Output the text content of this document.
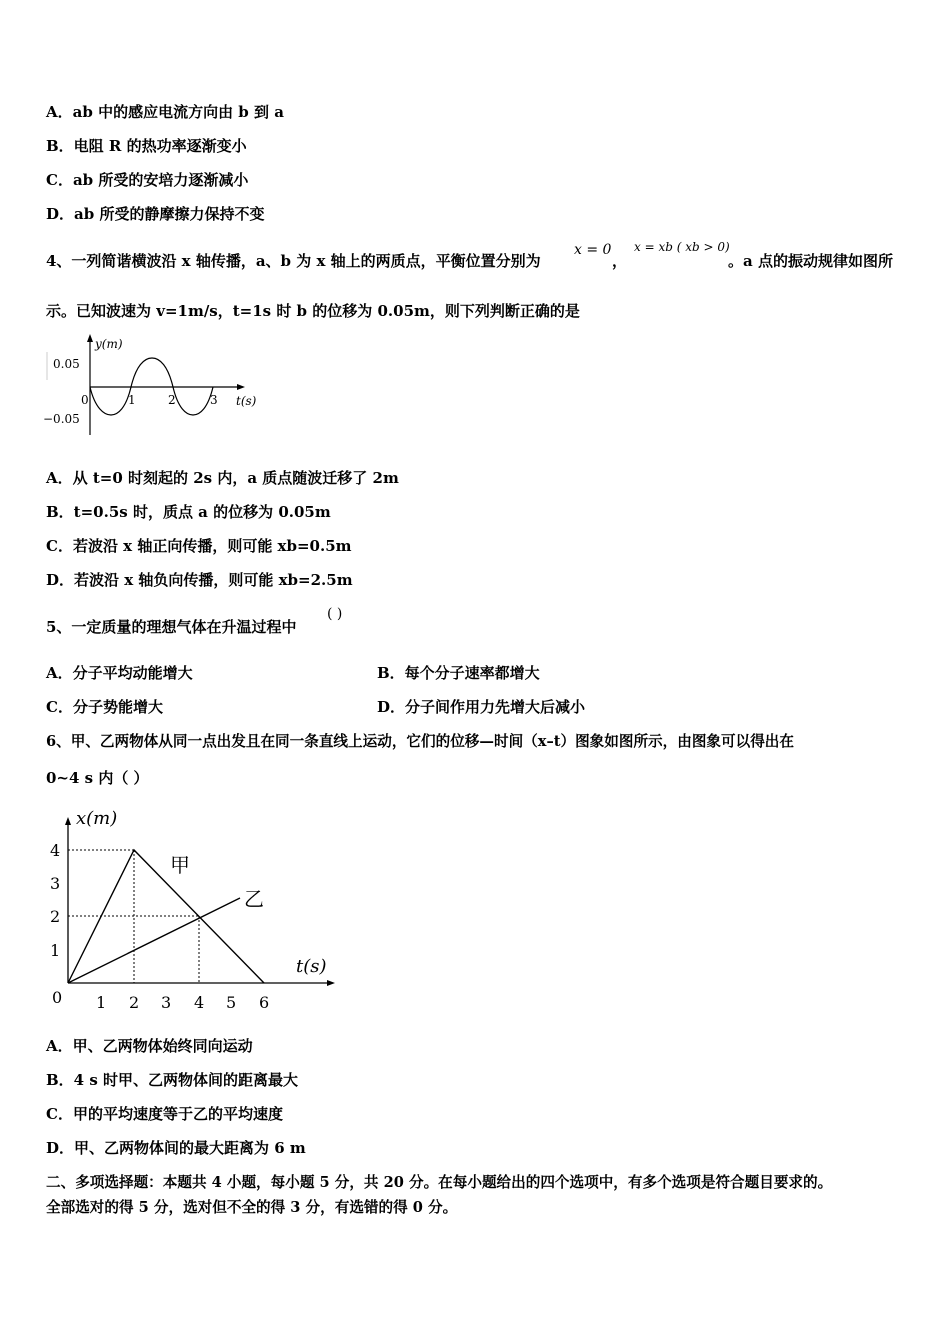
A．ab 中的感应电流方向由 b 到 a
B．电阻 R 的热功率逐渐变小
C．ab 所受的安培力逐渐减小
D．ab 所受的静摩擦力保持不变
4、一列简谐横波沿 x 轴传播，a、b 为 x 轴上的两质点，平衡位置分别为
x = 0
，
x = xb ( xb > 0)
。a 点的振动规律如图所
示。已知波速为 v=1m/s，t=1s 时 b 的位移为 0.05m，则下列判断正确的是
y(m)
0.05
−0.05
0	1	2	3 t(s)
A．从 t=0 时刻起的 2s 内，a 质点随波迁移了 2m
B．t=0.5s 时，质点 a 的位移为 0.05m
C．若波沿 x 轴正向传播，则可能 xb=0.5m
D．若波沿 x 轴负向传播，则可能 xb=2.5m
5、一定质量的理想气体在升温过程中
( )
A．分子平均动能增大	B．每个分子速率都增大
C．分子势能增大	D．分子间作用力先增大后减小
6、甲、乙两物体从同一点出发且在同一条直线上运动，它们的位移—时间（x–t）图象如图所示，由图象可以得出在
0~4 s 内（ ）
x(m)
1
2
3
4
0 1 2 3 4 5 6
t(s)
甲
乙
A．甲、乙两物体始终同向运动
B．4 s 时甲、乙两物体间的距离最大
C．甲的平均速度等于乙的平均速度
D．甲、乙两物体间的最大距离为 6 m
二、多项选择题：本题共 4 小题，每小题 5 分，共 20 分。在每小题给出的四个选项中，有多个选项是符合题目要求的。
全部选对的得 5 分，选对但不全的得 3 分，有选错的得 0 分。
